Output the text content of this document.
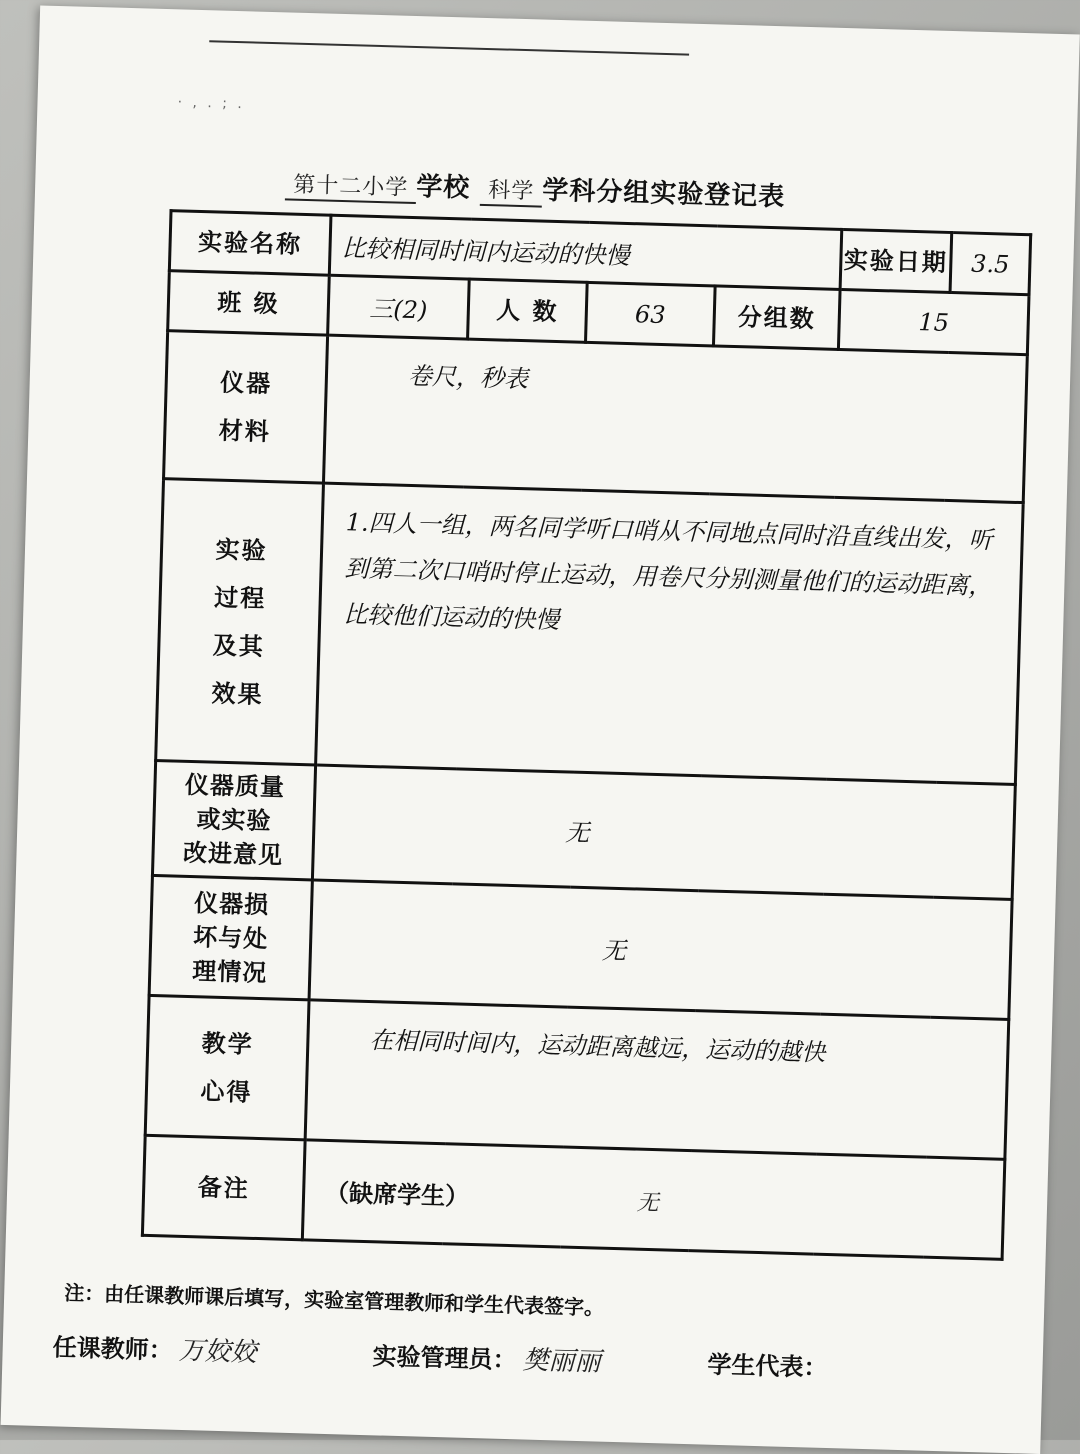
· , . ; .
第十二小学 学校 科学 学科分组实验登记表
实验名称	比较相同时间内运动的快慢				实验日期	3.5
班 级	三(2)	人 数	63	分组数	15	

仪器
材料	卷尺，秒表					

实验
过程
及其
效果	1.四人一组，两名同学听口哨从不同地点同时沿直线出发，听到第二次口哨时停止运动，用卷尺分别测量他们的运动距离，比较他们运动的快慢					

仪器质量
或实验
改进意见	无					

仪器损
坏与处
理情况	无					

教学
心得	在相同时间内，运动距离越远，运动的越快					
备注	（缺席学生） 无					
注：由任课教师课后填写，实验室管理教师和学生代表签字。
任课教师： 万姣姣	实验管理员： 樊丽丽	学生代表：
